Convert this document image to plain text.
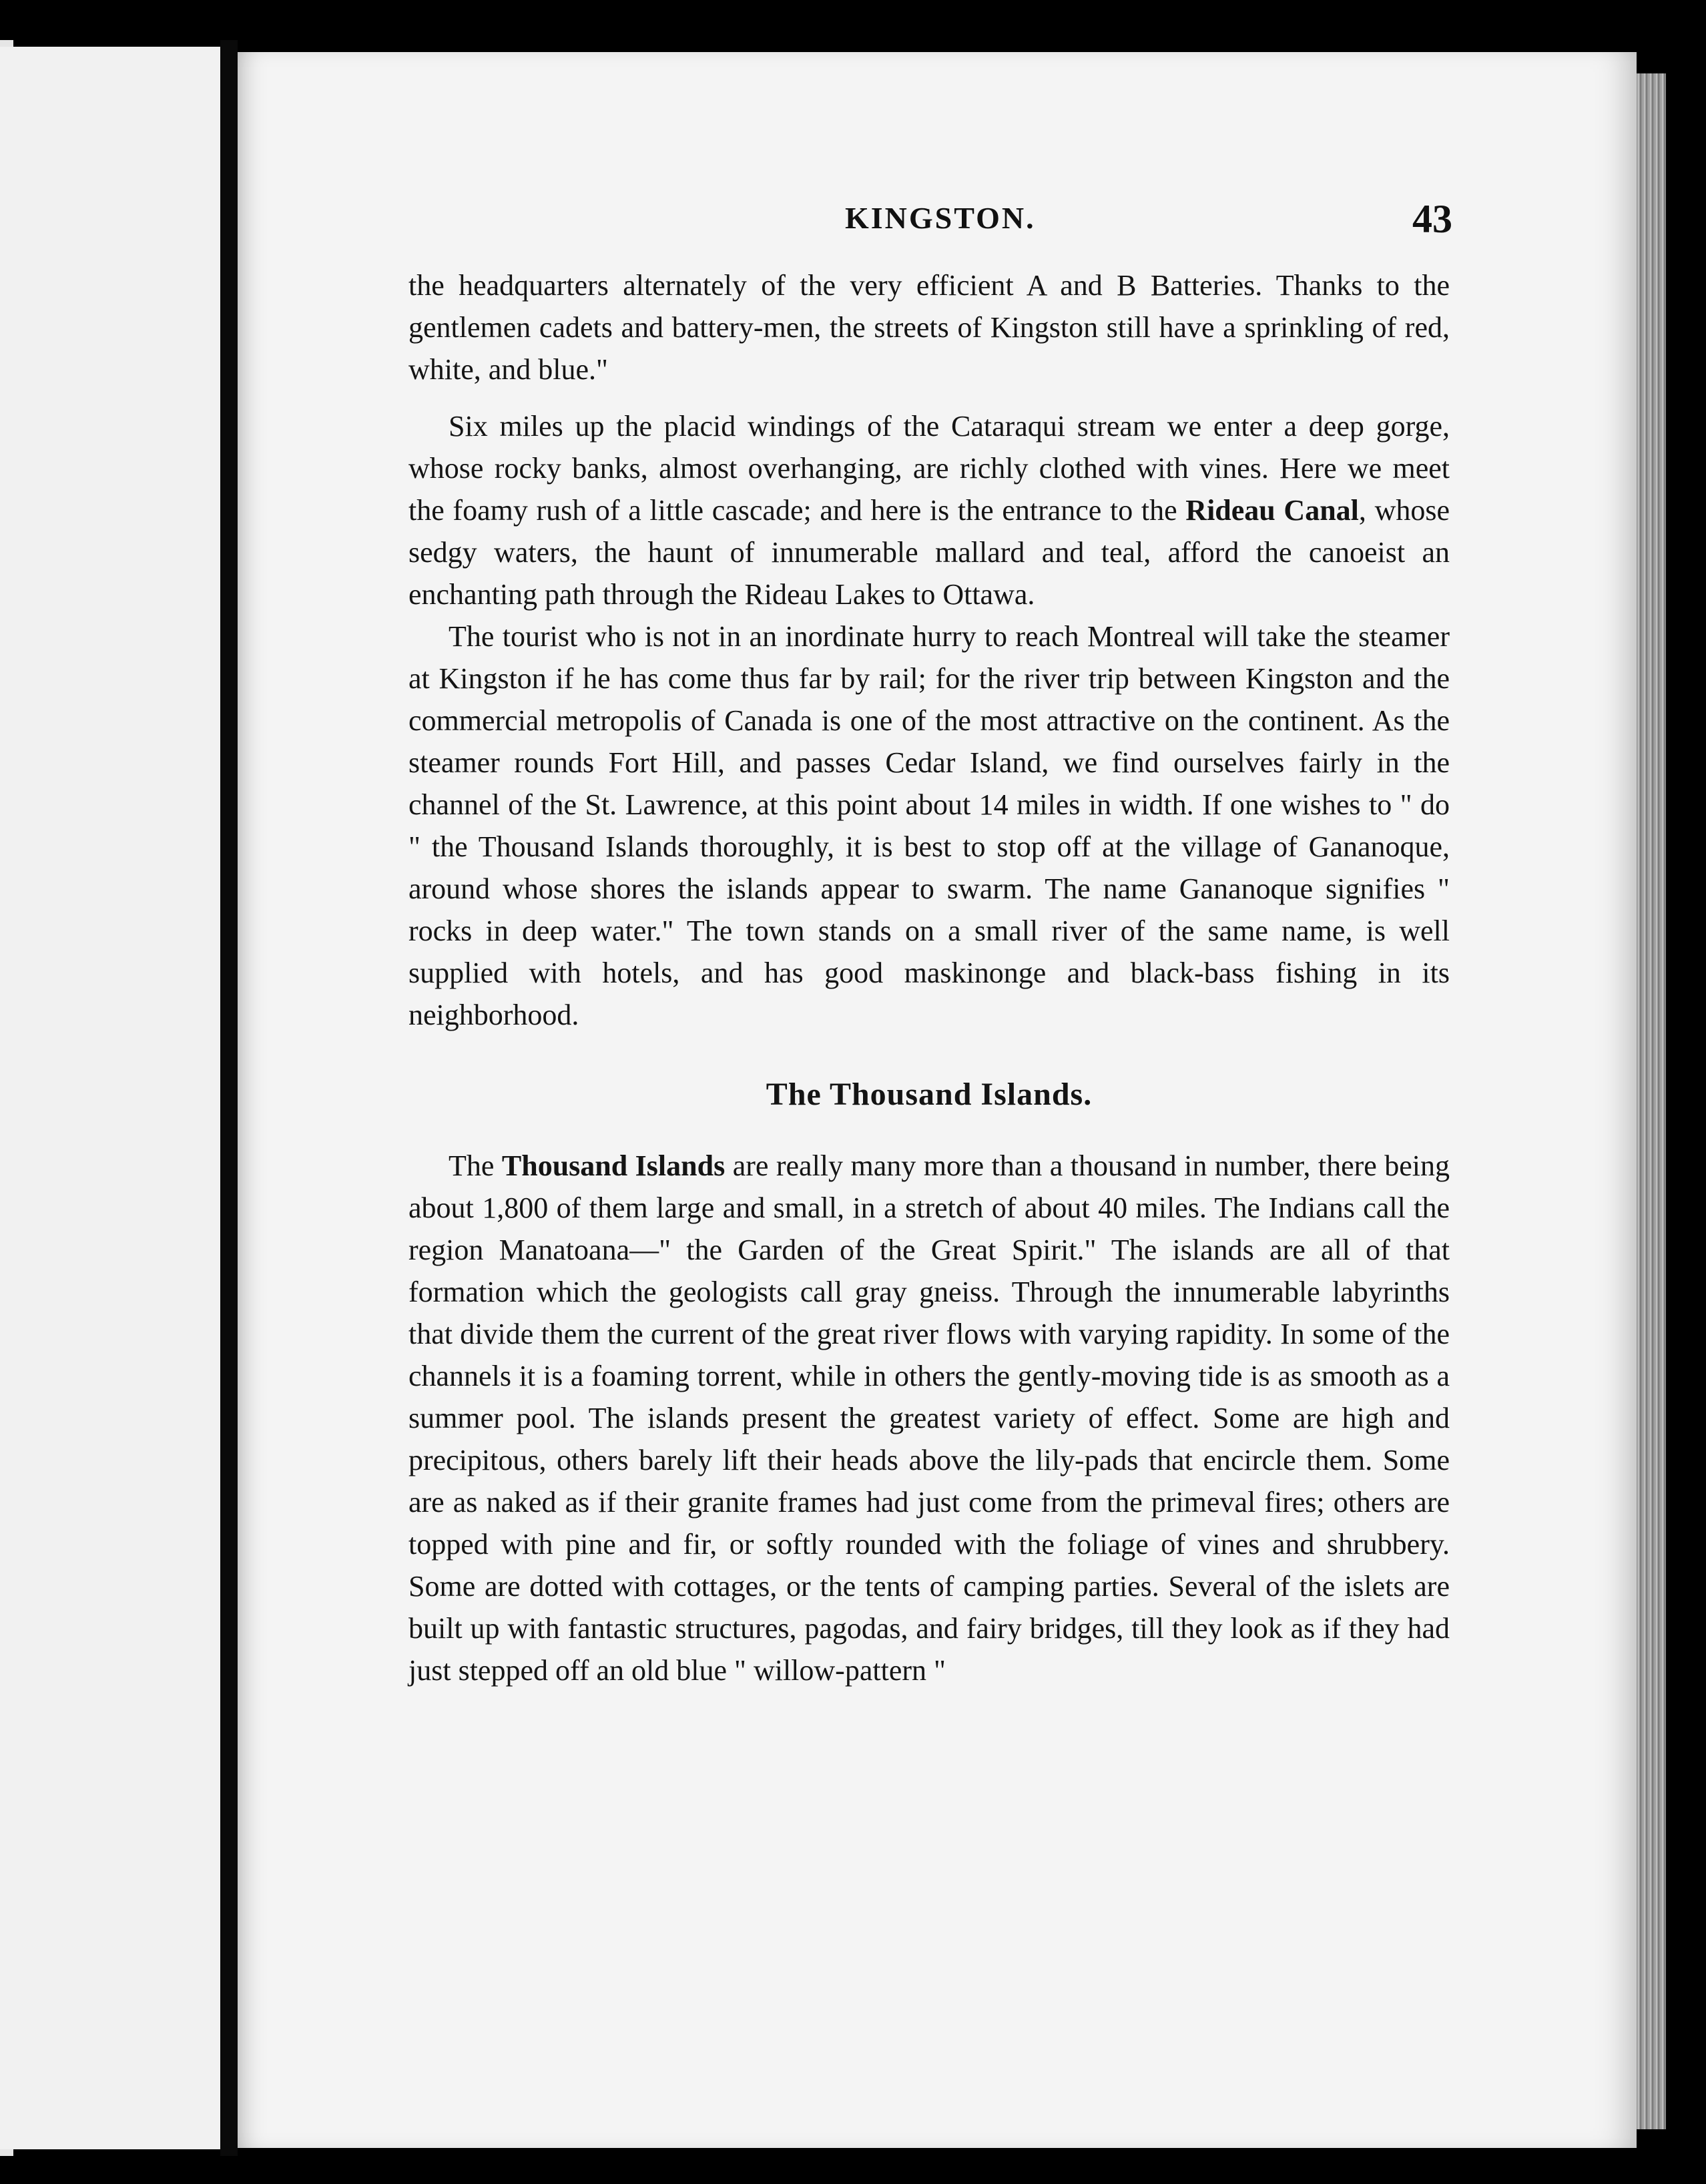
KINGSTON.	43

the headquarters alternately of the very efficient A and B Batteries. Thanks to the gentlemen cadets and battery-men, the streets of Kingston still have a sprinkling of red, white, and blue."

Six miles up the placid windings of the Cataraqui stream we enter a deep gorge, whose rocky banks, almost overhanging, are richly clothed with vines. Here we meet the foamy rush of a little cascade; and here is the entrance to the Rideau Canal, whose sedgy waters, the haunt of innumerable mallard and teal, afford the canoeist an enchanting path through the Rideau Lakes to Ottawa.

The tourist who is not in an inordinate hurry to reach Montreal will take the steamer at Kingston if he has come thus far by rail; for the river trip between Kingston and the commercial metropolis of Canada is one of the most attractive on the continent. As the steamer rounds Fort Hill, and passes Cedar Island, we find ourselves fairly in the channel of the St. Lawrence, at this point about 14 miles in width. If one wishes to " do " the Thousand Islands thoroughly, it is best to stop off at the village of Gananoque, around whose shores the islands appear to swarm. The name Gananoque signifies " rocks in deep water." The town stands on a small river of the same name, is well supplied with hotels, and has good maskinonge and black-bass fishing in its neighborhood.

The Thousand Islands.

The Thousand Islands are really many more than a thousand in number, there being about 1,800 of them large and small, in a stretch of about 40 miles. The Indians call the region Manatoana—" the Garden of the Great Spirit." The islands are all of that formation which the geologists call gray gneiss. Through the innumerable labyrinths that divide them the current of the great river flows with varying rapidity. In some of the channels it is a foaming torrent, while in others the gently-moving tide is as smooth as a summer pool. The islands present the greatest variety of effect. Some are high and precipitous, others barely lift their heads above the lily-pads that encircle them. Some are as naked as if their granite frames had just come from the primeval fires; others are topped with pine and fir, or softly rounded with the foliage of vines and shrubbery. Some are dotted with cottages, or the tents of camping parties. Several of the islets are built up with fantastic structures, pagodas, and fairy bridges, till they look as if they had just stepped off an old blue " willow-pattern "
